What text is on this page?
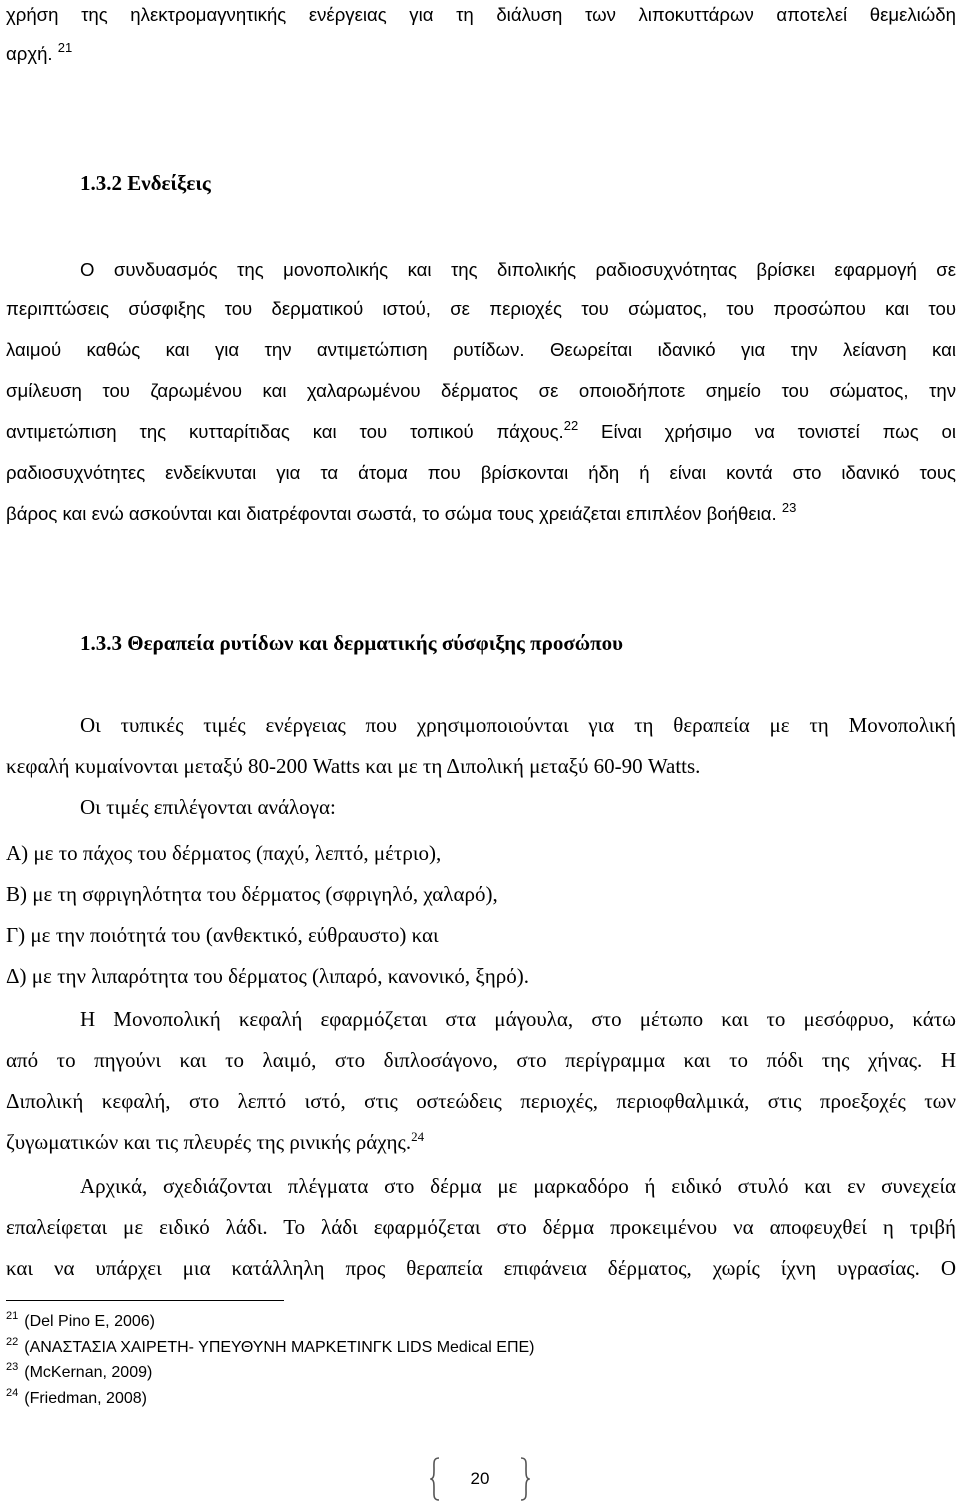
χρήση της ηλεκτρομαγνητικής ενέργειας για τη διάλυση των λιποκυττάρων αποτελεί θεμελιώδη
αρχή. $^{21}$
1.3.2 Ενδείξεις
Ο συνδυασμός της μονοπολικής και της διπολικής ραδιοσυχνότητας βρίσκει εφαρμογή σε
περιπτώσεις σύσφιξης του δερματικού ιστού, σε περιοχές του σώματος, του προσώπου και του
λαιμού καθώς και για την αντιμετώπιση ρυτίδων. Θεωρείται ιδανικό για την λείανση και
σμίλευση του ζαρωμένου και χαλαρωμένου δέρματος σε οποιοδήποτε σημείο του σώματος, την
αντιμετώπιση της κυτταρίτιδας και του τοπικού πάχους.$^{22}$ Είναι χρήσιμο να τονιστεί πως οι
ραδιοσυχνότητες ενδείκνυται για τα άτομα που βρίσκονται ήδη ή είναι κοντά στο ιδανικό τους
βάρος και ενώ ασκούνται και διατρέφονται σωστά, το σώμα τους χρειάζεται επιπλέον βοήθεια. $^{23}$
1.3.3 Θεραπεία ρυτίδων και δερματικής σύσφιξης προσώπου
Οι τυπικές τιμές ενέργειας που χρησιμοποιούνται για τη θεραπεία με τη Μονοπολική
κεφαλή κυμαίνονται μεταξύ 80-200 Watts και με τη Διπολική μεταξύ 60-90 Watts.
Οι τιμές επιλέγονται ανάλογα:
Α) με το πάχος του δέρματος (παχύ, λεπτό, μέτριο),
Β) με τη σφριγηλότητα του δέρματος (σφριγηλό, χαλαρό),
Γ) με την ποιότητά του (ανθεκτικό, εύθραυστο) και
Δ) με την λιπαρότητα του δέρματος (λιπαρό, κανονικό, ξηρό).
Η Μονοπολική κεφαλή εφαρμόζεται στα μάγουλα, στο μέτωπο και το μεσόφρυο, κάτω
από το πηγούνι και το λαιμό, στο διπλοσάγονο, στο περίγραμμα και το πόδι της χήνας. Η
Διπολική κεφαλή, στο λεπτό ιστό, στις οστεώδεις περιοχές, περιοφθαλμικά, στις προεξοχές των
ζυγωματικών και τις πλευρές της ρινικής ράχης.$^{24}$
Αρχικά, σχεδιάζονται πλέγματα στο δέρμα με μαρκαδόρο ή ειδικό στυλό και εν συνεχεία
επαλείφεται με ειδικό λάδι. Το λάδι εφαρμόζεται στο δέρμα προκειμένου να αποφευχθεί η τριβή
και να υπάρχει μια κατάλληλη προς θεραπεία επιφάνεια δέρματος, χωρίς ίχνη υγρασίας. Ο
$^{21}$ (Del Pino E, 2006)
$^{22}$ (ΑΝΑΣΤΑΣΙΑ ΧΑΙΡΕΤΗ- ΥΠΕΥΘΥΝΗ ΜΑΡΚΕΤΙΝΓΚ LIDS Medical ΕΠΕ)
$^{23}$ (McKernan, 2009)
$^{24}$ (Friedman, 2008)
20
